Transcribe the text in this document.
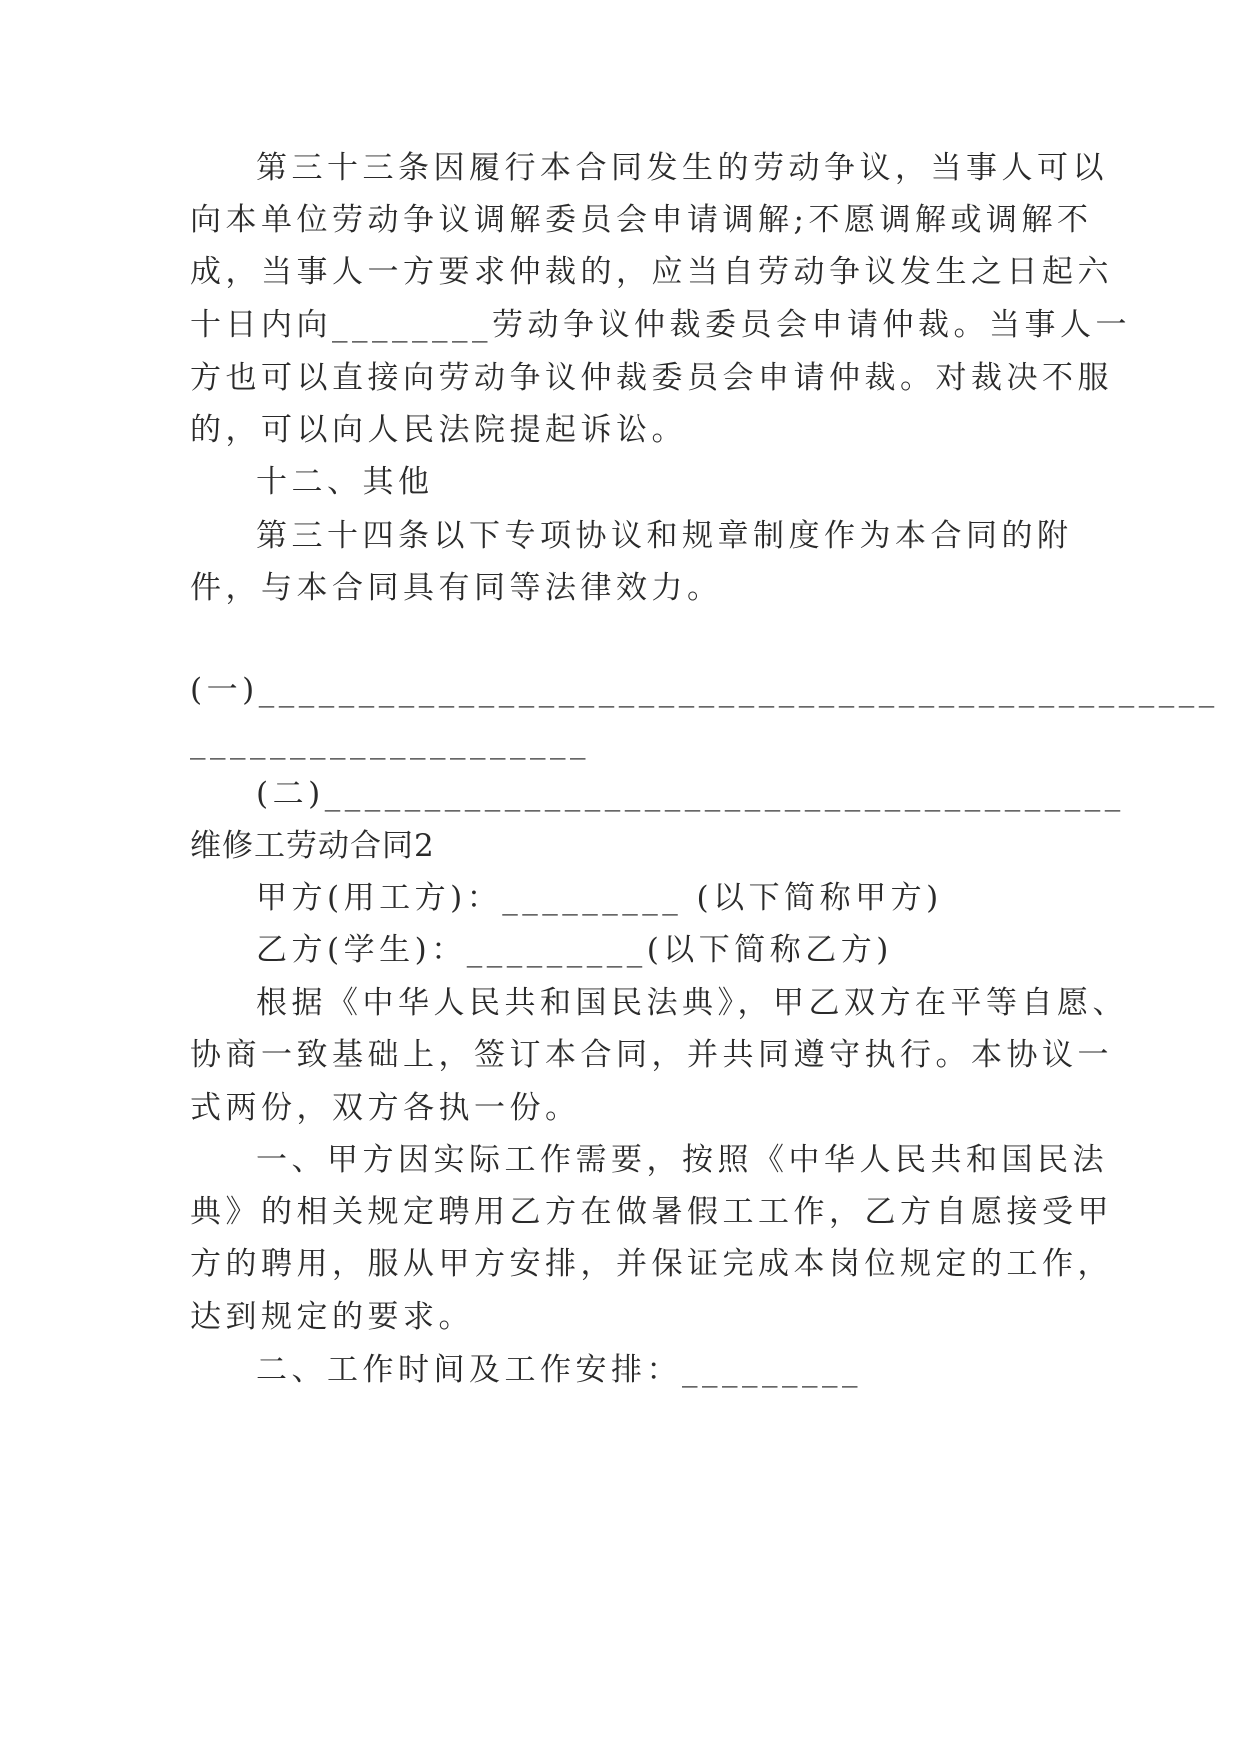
第三十三条因履行本合同发生的劳动争议，当事人可以
向本单位劳动争议调解委员会申请调解;不愿调解或调解不
成，当事人一方要求仲裁的，应当自劳动争议发生之日起六
十日内向________劳动争议仲裁委员会申请仲裁。当事人一
方也可以直接向劳动争议仲裁委员会申请仲裁。对裁决不服
的，可以向人民法院提起诉讼。
十二、其他
第三十四条以下专项协议和规章制度作为本合同的附
件，与本合同具有同等法律效力。
(一)________________________________________________
____________________
(二)________________________________________
维修工劳动合同2
甲方(用工方)：_________ (以下简称甲方)
乙方(学生)：_________(以下简称乙方)
根据《中华人民共和国民法典》，甲乙双方在平等自愿、
协商一致基础上，签订本合同，并共同遵守执行。本协议一
式两份，双方各执一份。
一、甲方因实际工作需要，按照《中华人民共和国民法
典》的相关规定聘用乙方在做暑假工工作，乙方自愿接受甲
方的聘用，服从甲方安排，并保证完成本岗位规定的工作，
达到规定的要求。
二、工作时间及工作安排：_________
